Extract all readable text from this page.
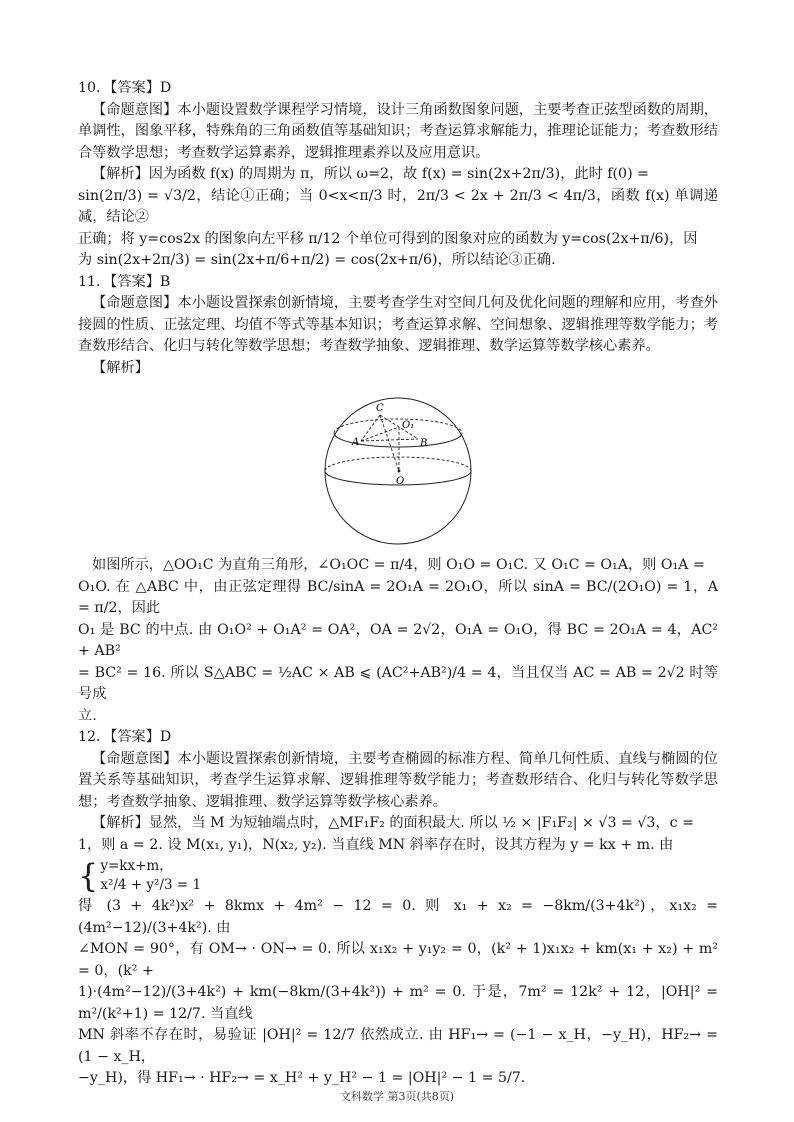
10．【答案】D

【命题意图】本小题设置数学课程学习情境，设计三角函数图象问题，主要考查正弦型函数的周期，单调性，图象平移，特殊角的三角函数值等基础知识；考查运算求解能力，推理论证能力；考查数形结合等数学思想；考查数学运算素养，逻辑推理素养以及应用意识。

【解析】因为函数 f(x) 的周期为 π，所以 ω=2，故 f(x) = sin(2x+2π/3)，此时 f(0) =

sin(2π/3) = √3/2，结论①正确；当 0<x<π/3 时，2π/3 < 2x + 2π/3 < 4π/3，函数 f(x) 单调递减，结论②

正确；将 y=cos2x 的图象向左平移 π/12 个单位可得到的图象对应的函数为 y=cos(2x+π/6)，因

为 sin(2x+2π/3) = sin(2x+π/6+π/2) = cos(2x+π/6)，所以结论③正确.

11．【答案】B

【命题意图】本小题设置探索创新情境，主要考查学生对空间几何及优化问题的理解和应用，考查外接圆的性质、正弦定理、均值不等式等基本知识；考查运算求解、空间想象、逻辑推理等数学能力；考查数形结合、化归与转化等数学思想；考查数学抽象、逻辑推理、数学运算等数学核心素养。

【解析】

C
O₁
A	B
O

如图所示，△OO₁C 为直角三角形，∠O₁OC = π/4，则 O₁O = O₁C. 又 O₁C = O₁A，则 O₁A =

O₁O. 在 △ABC 中，由正弦定理得 BC/sinA = 2O₁A = 2O₁O，所以 sinA = BC/(2O₁O) = 1，A = π/2，因此

O₁ 是 BC 的中点. 由 O₁O² + O₁A² = OA²，OA = 2√2，O₁A = O₁O，得 BC = 2O₁A = 4，AC² + AB²

= BC² = 16. 所以 S△ABC = ½AC × AB ⩽ (AC²+AB²)/4 = 4，当且仅当 AC = AB = 2√2 时等号成

立.

12．【答案】D

【命题意图】本小题设置探索创新情境，主要考查椭圆的标准方程、简单几何性质、直线与椭圆的位置关系等基础知识，考查学生运算求解、逻辑推理等数学能力；考查数形结合、化归与转化等数学思想；考查数学抽象、逻辑推理、数学运算等数学核心素养。

【解析】显然，当 M 为短轴端点时，△MF₁F₂ 的面积最大. 所以 ½ × |F₁F₂| × √3 = √3，c =

1，则 a = 2. 设 M(x₁, y₁)，N(x₂, y₂). 当直线 MN 斜率存在时，设其方程为 y = kx + m. 由

{ y=kx+m，
x²/4 + y²/3 = 1

得 (3 + 4k²)x² + 8kmx + 4m² − 12 = 0. 则 x₁ + x₂ = −8km/(3+4k²)，x₁x₂ = (4m²−12)/(3+4k²). 由

∠MON = 90°，有 OM→ · ON→ = 0. 所以 x₁x₂ + y₁y₂ = 0，(k² + 1)x₁x₂ + km(x₁ + x₂) + m² = 0，(k² +

1)·(4m²−12)/(3+4k²) + km(−8km/(3+4k²)) + m² = 0. 于是，7m² = 12k² + 12，|OH|² = m²/(k²+1) = 12/7. 当直线

MN 斜率不存在时，易验证 |OH|² = 12/7 依然成立. 由 HF₁→ = (−1 − x_H，−y_H)，HF₂→ = (1 − x_H，

−y_H)，得 HF₁→ · HF₂→ = x_H² + y_H² − 1 = |OH|² − 1 = 5/7.

文科数学 第3页(共8页)
